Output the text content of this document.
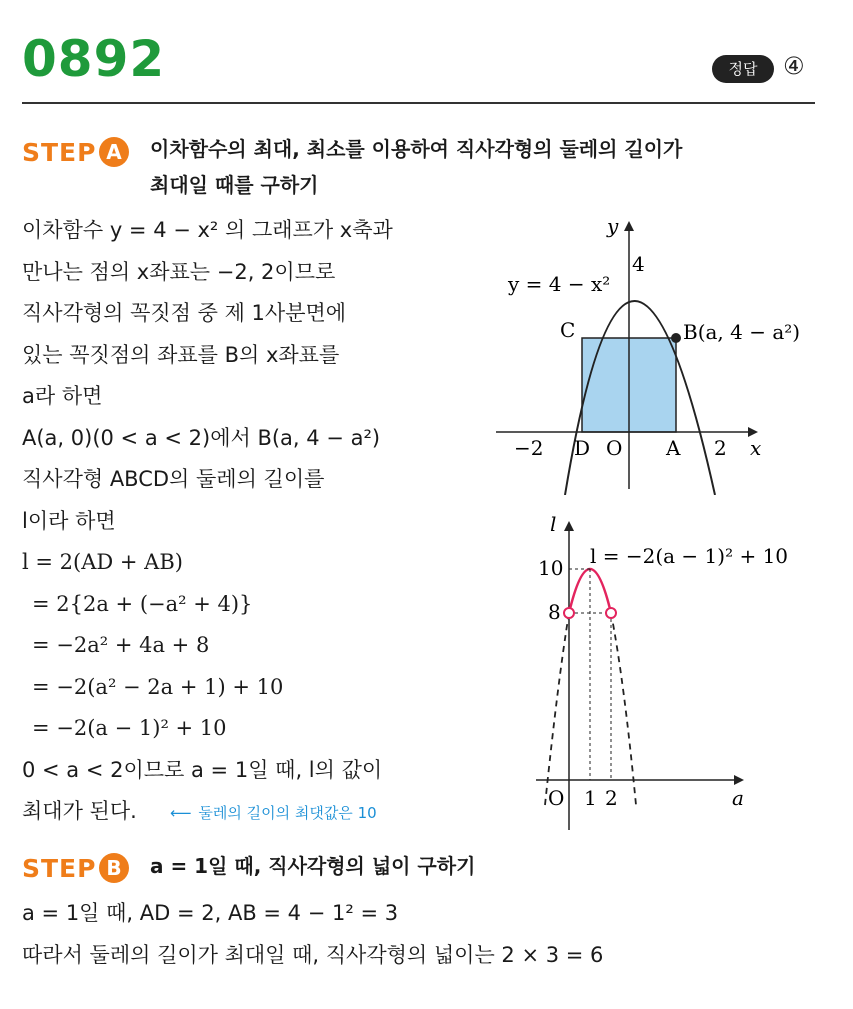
0892	정답	④
STEP A	이차함수의 최대, 최소를 이용하여 직사각형의 둘레의 길이가
최대일 때를 구하기
이차함수 y = 4 − x² 의 그래프가 x축과
만나는 점의 x좌표는 −2, 2이므로
직사각형의 꼭짓점 중 제 1사분면에
있는 꼭짓점의 좌표를 B의 x좌표를
a라 하면
A(a, 0)(0 < a < 2)에서 B(a, 4 − a²)
직사각형 ABCD의 둘레의 길이를
l이라 하면
l = 2(AD + AB)
= 2{2a + (−a² + 4)}
= −2a² + 4a + 8
= −2(a² − 2a + 1) + 10
= −2(a − 1)² + 10
0 < a < 2이므로 a = 1일 때, l의 값이
최대가 된다. ⟵ 둘레의 길이의 최댓값은 10
y
x
4
y = 4 − x²
C	B(a, 4 − a²)
−2 D O A 2
l
a
l = −2(a − 1)² + 10
10
8
O 1 2
STEP B	a = 1일 때, 직사각형의 넓이 구하기
a = 1일 때, AD = 2, AB = 4 − 1² = 3
따라서 둘레의 길이가 최대일 때, 직사각형의 넓이는 2 × 3 = 6
